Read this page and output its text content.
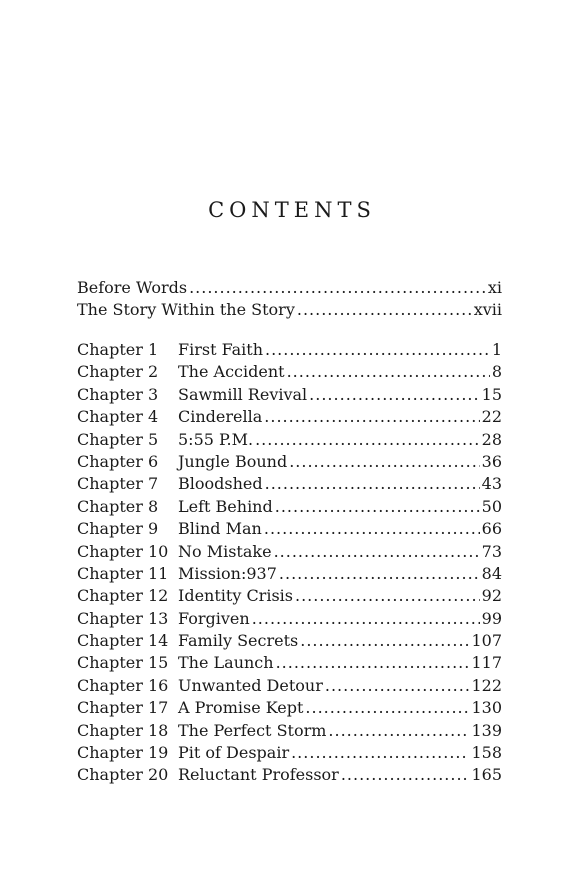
CONTENTS
Before Words .....	xi
The Story Within the Story .....	xvii
Chapter 1	First Faith .....	1
Chapter 2	The Accident .....	8
Chapter 3	Sawmill Revival .....	15
Chapter 4	Cinderella .....	22
Chapter 5	5:55 P.M. .....	28
Chapter 6	Jungle Bound .....	36
Chapter 7	Bloodshed .....	43
Chapter 8	Left Behind .....	50
Chapter 9	Blind Man .....	66
Chapter 10 No Mistake .....	73
Chapter 11 Mission:937 .....	84
Chapter 12 Identity Crisis .....	92
Chapter 13 Forgiven .....	99
Chapter 14 Family Secrets .....	107
Chapter 15 The Launch .....	117
Chapter 16 Unwanted Detour .....	122
Chapter 17 A Promise Kept .....	130
Chapter 18 The Perfect Storm .....	139
Chapter 19 Pit of Despair .....	158
Chapter 20 Reluctant Professor .....	165
